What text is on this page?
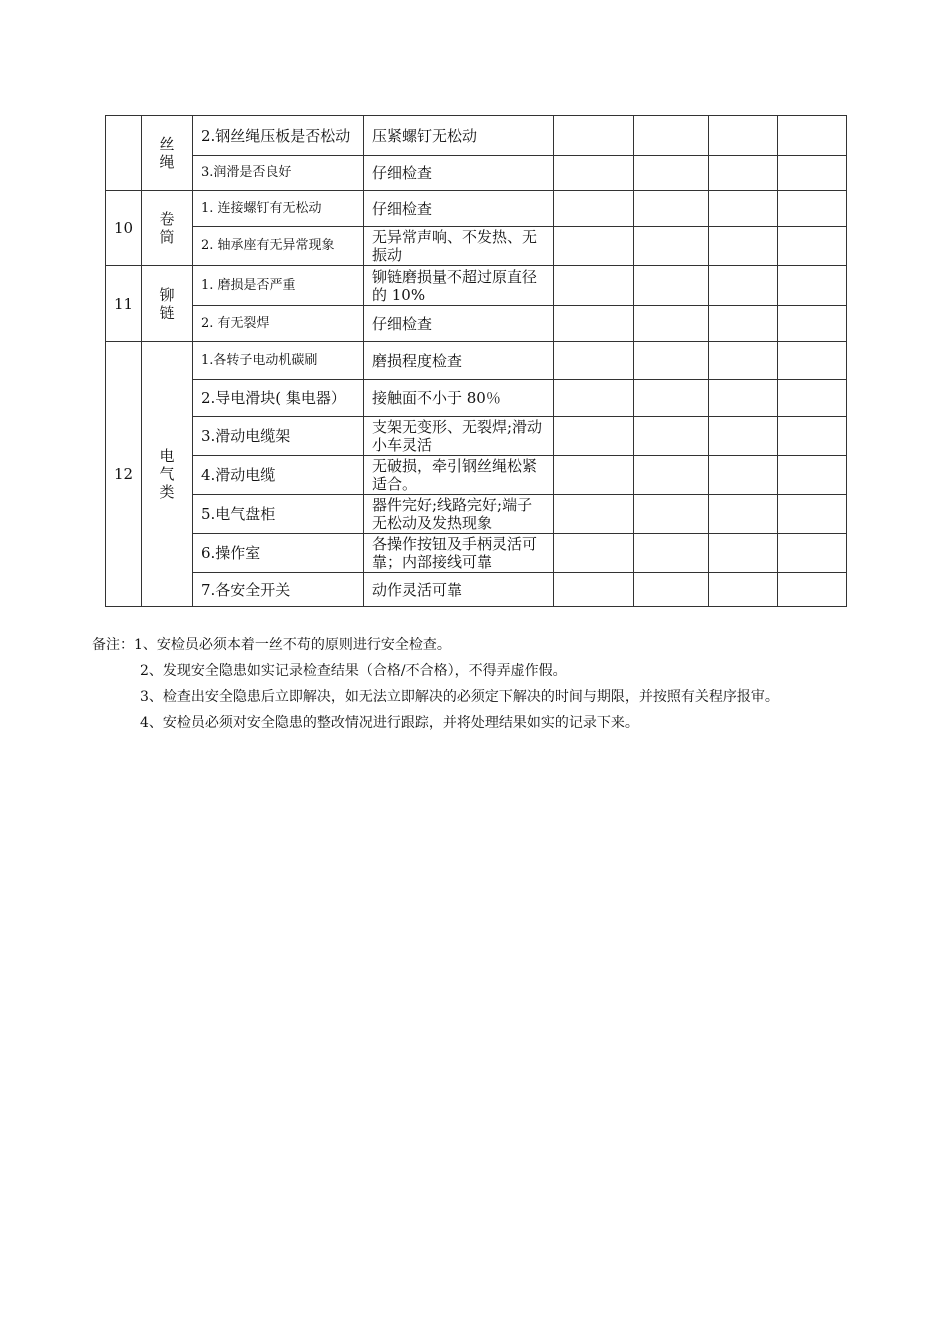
	丝绳	2.钢丝绳压板是否松动	压紧螺钉无松动				
		3.润滑是否良好	仔细检查				
10	卷筒	1. 连接螺钉有无松动	仔细检查				
		2. 轴承座有无异常现象	无异常声响、不发热、无振动				
11	铆链	1. 磨损是否严重	铆链磨损量不超过原直径的 10%				
		2. 有无裂焊	仔细检查				
12	电气类	1.各转子电动机碳刷	磨损程度检查				
		2.导电滑块( 集电器）	接触面不小于 80％				
		3.滑动电缆架	支架无变形、无裂焊;滑动小车灵活				
		4.滑动电缆	无破损，牵引钢丝绳松紧适合。				
		5.电气盘柜	器件完好;线路完好;端子无松动及发热现象				
		6.操作室	各操作按钮及手柄灵活可靠；内部接线可靠				
		7.各安全开关	动作灵活可靠				

备注：1、安检员必须本着一丝不苟的原则进行安全检查。

2、发现安全隐患如实记录检查结果（合格/不合格），不得弄虚作假。

3、检查出安全隐患后立即解决，如无法立即解决的必须定下解决的时间与期限，并按照有关程序报审。

4、安检员必须对安全隐患的整改情况进行跟踪，并将处理结果如实的记录下来。
